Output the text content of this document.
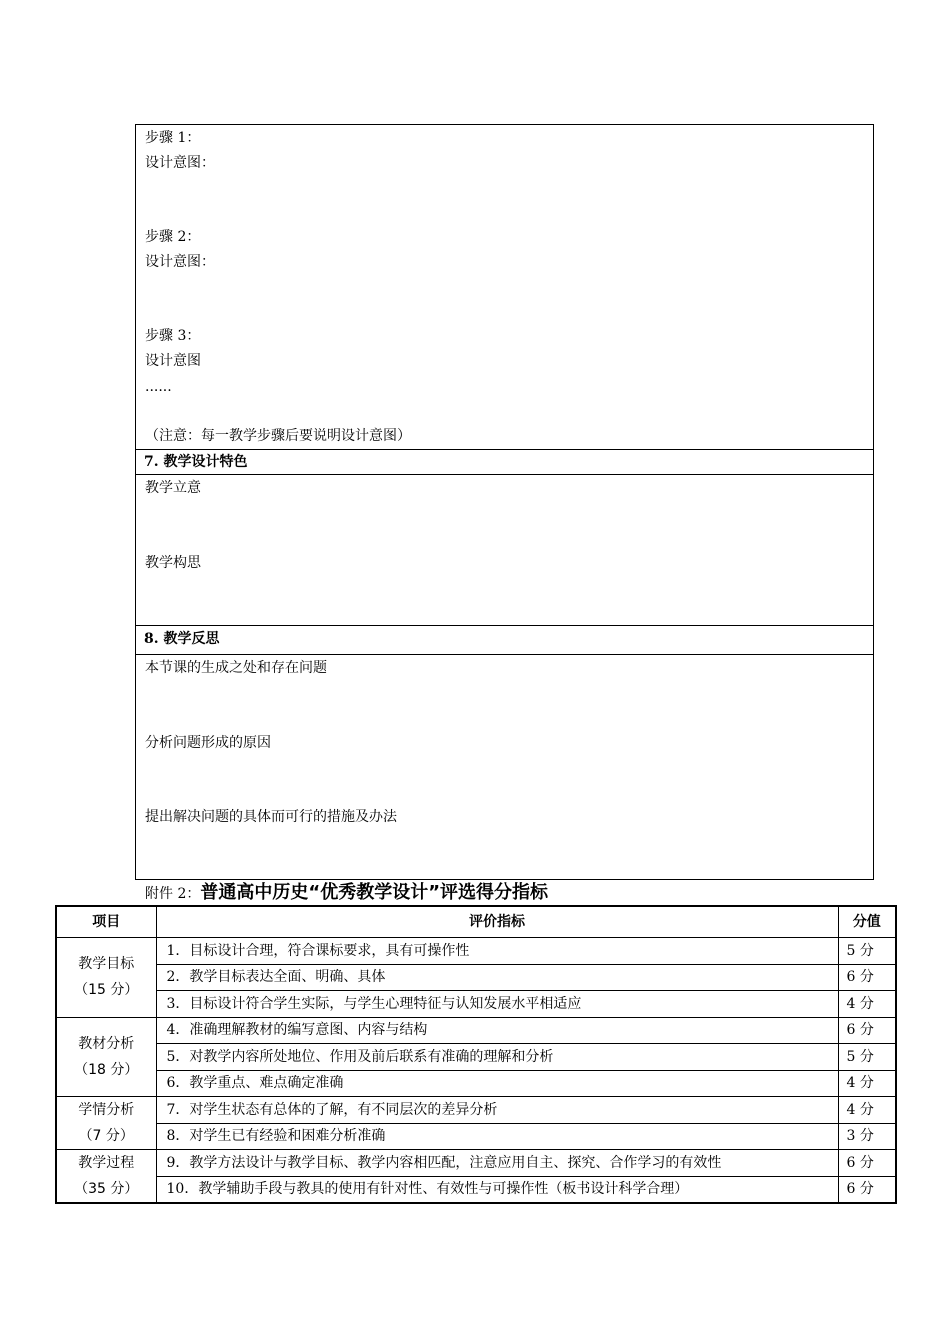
步骤 1：
设计意图：
步骤 2：
设计意图：
步骤 3：
设计意图
......
（注意：每一教学步骤后要说明设计意图）
7. 教学设计特色
教学立意
教学构思
8. 教学反思
本节课的生成之处和存在问题
分析问题形成的原因
提出解决问题的具体而可行的措施及办法
附件 2：普通高中历史“优秀教学设计”评选得分指标
项目	评价指标	分值

教学目标
（15 分）	1．目标设计合理，符合课标要求，具有可操作性	5 分
	2．教学目标表达全面、明确、具体	6 分
	3．目标设计符合学生实际，与学生心理特征与认知发展水平相适应	4 分

教材分析
（18 分）	4．准确理解教材的编写意图、内容与结构	6 分
	5．对教学内容所处地位、作用及前后联系有准确的理解和分析	5 分
	6．教学重点、难点确定准确	4 分

学情分析
（7 分）	7．对学生状态有总体的了解，有不同层次的差异分析	4 分
	8．对学生已有经验和困难分析准确	3 分

教学过程
（35 分）	9．教学方法设计与教学目标、教学内容相匹配，注意应用自主、探究、合作学习的有效性	6 分
	10．教学辅助手段与教具的使用有针对性、有效性与可操作性（板书设计科学合理）	6 分
